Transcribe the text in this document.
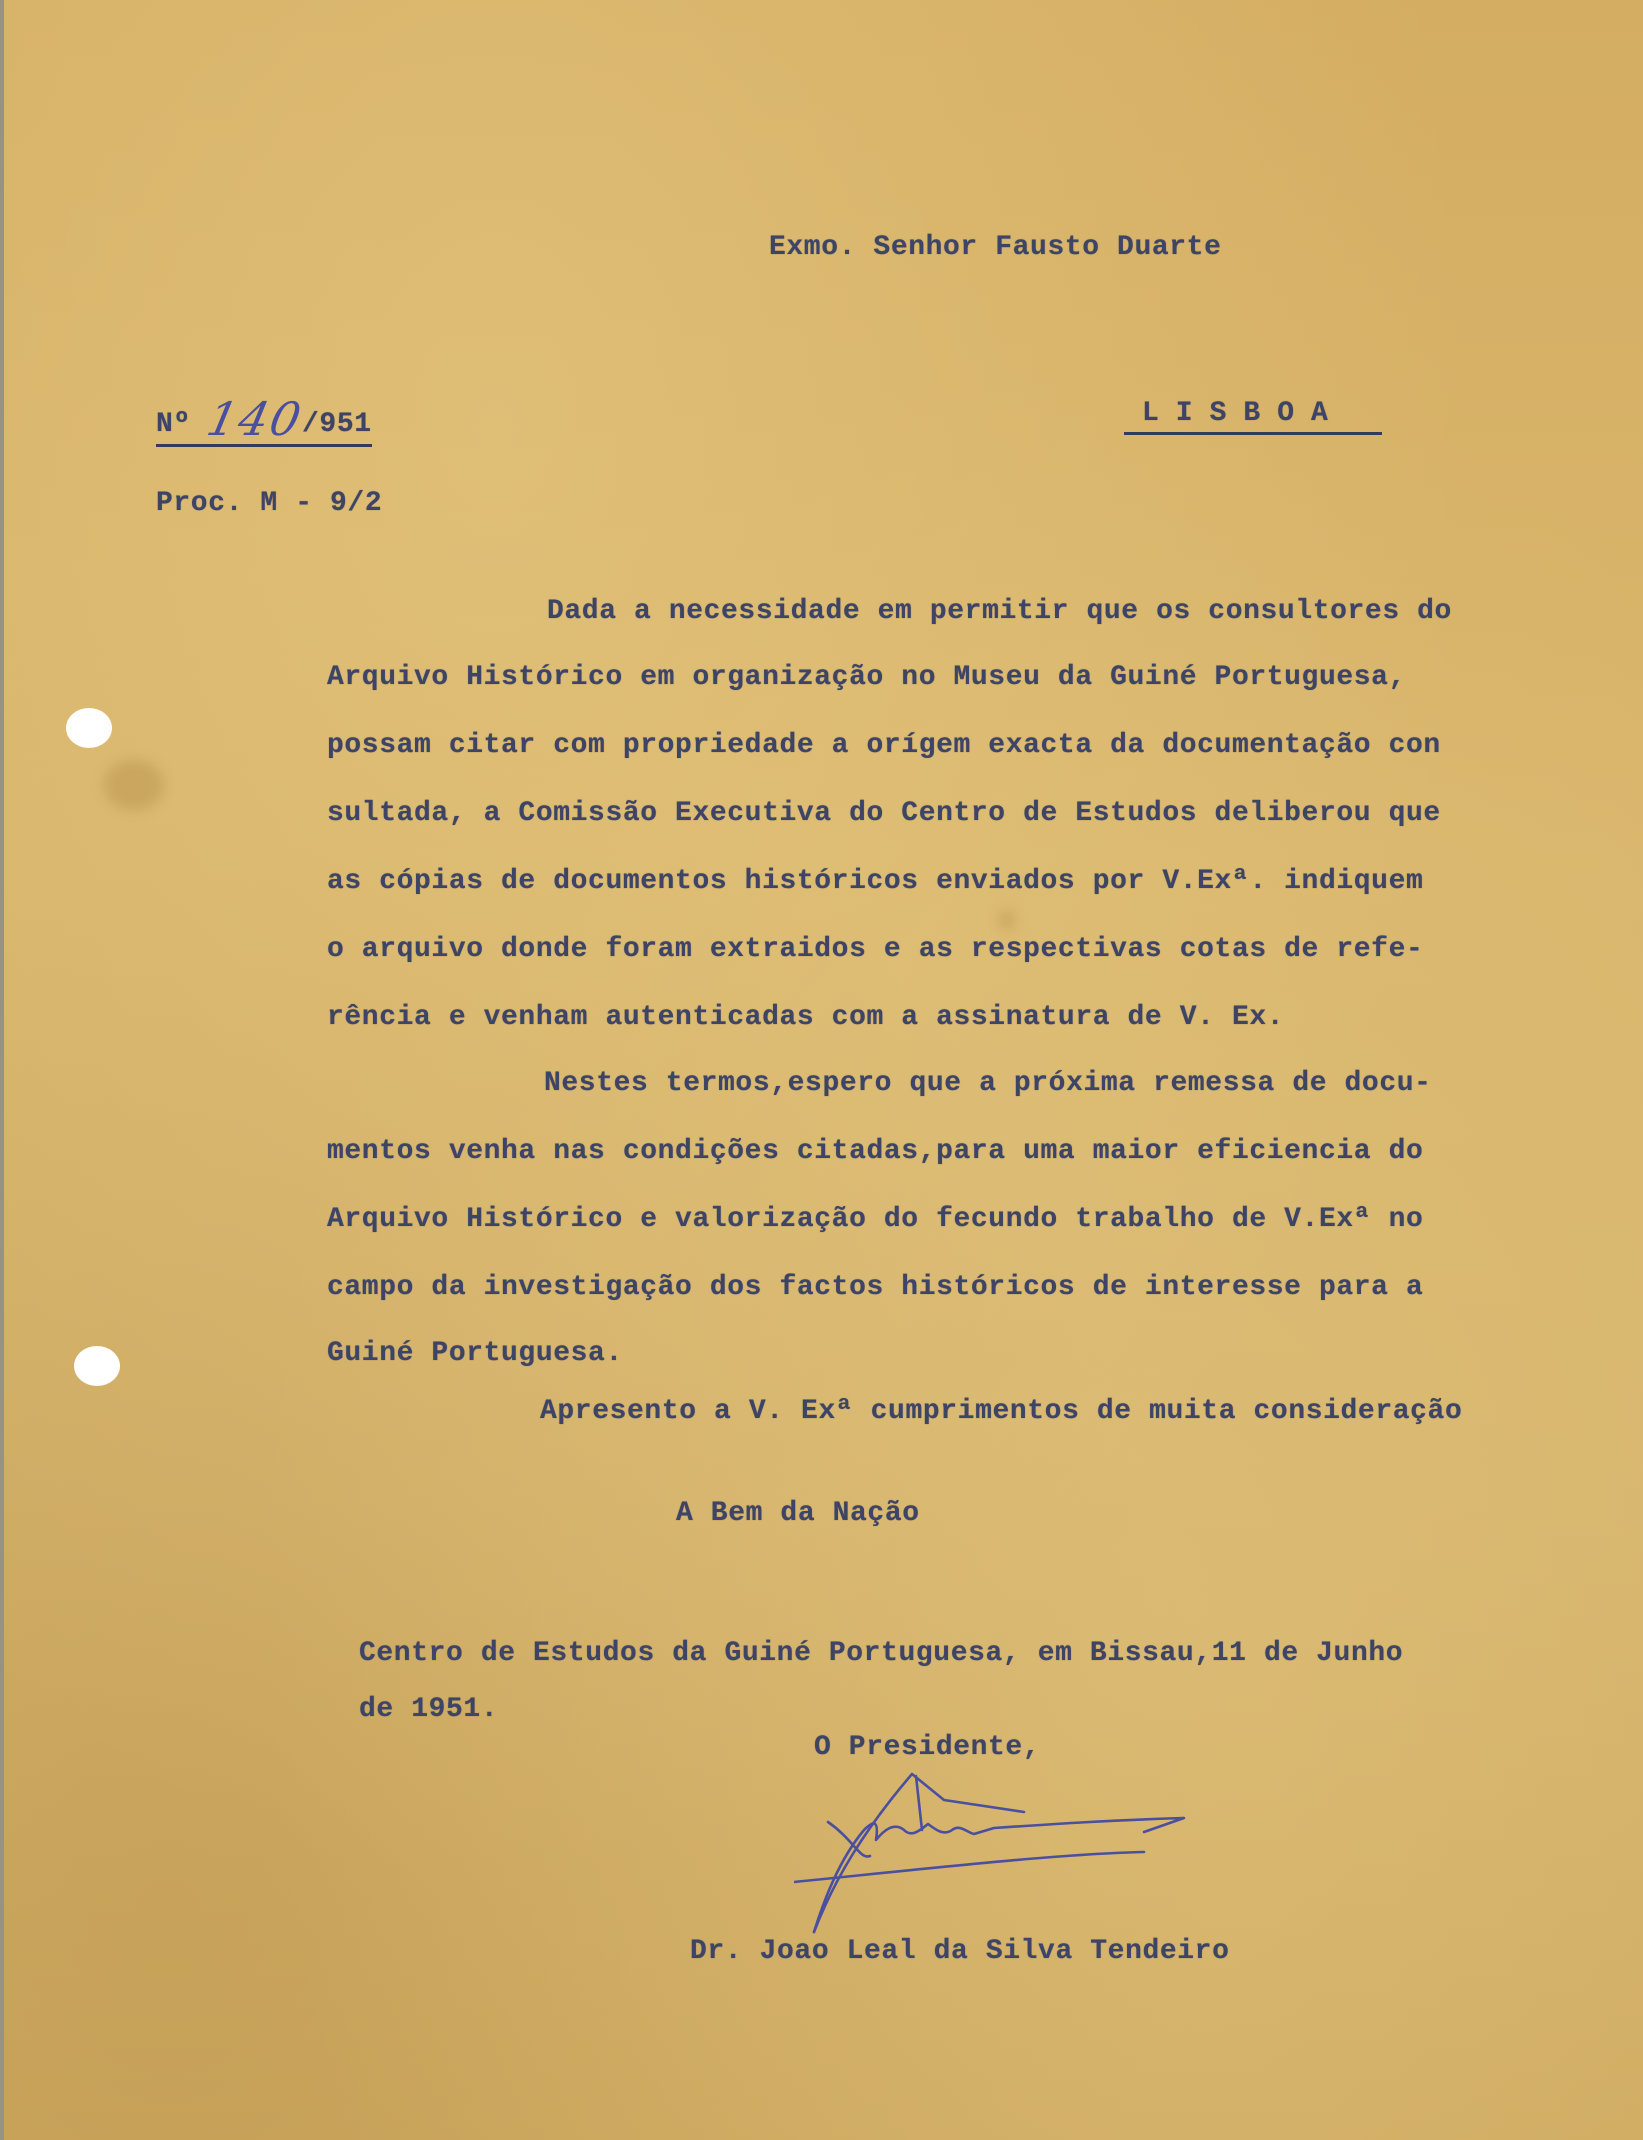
Exmo. Senhor Fausto Duarte
Nº 140/951	LISBOA
Proc. M - 9/2
Dada a necessidade em permitir que os consultores do
Arquivo Histórico em organização no Museu da Guiné Portuguesa,
possam citar com propriedade a orígem exacta da documentação con
sultada, a Comissão Executiva do Centro de Estudos deliberou que
as cópias de documentos históricos enviados por V.Exª. indiquem
o arquivo donde foram extraidos e as respectivas cotas de refe-
rência e venham autenticadas com a assinatura de V. Ex.
Nestes termos,espero que a próxima remessa de docu-
mentos venha nas condições citadas,para uma maior eficiencia do
Arquivo Histórico e valorização do fecundo trabalho de V.Exª no
campo da investigação dos factos históricos de interesse para a
Guiné Portuguesa.
Apresento a V. Exª cumprimentos de muita consideração
A Bem da Nação
Centro de Estudos da Guiné Portuguesa, em Bissau,11 de Junho
de 1951.
O Presidente,
Dr. Joao Leal da Silva Tendeiro
